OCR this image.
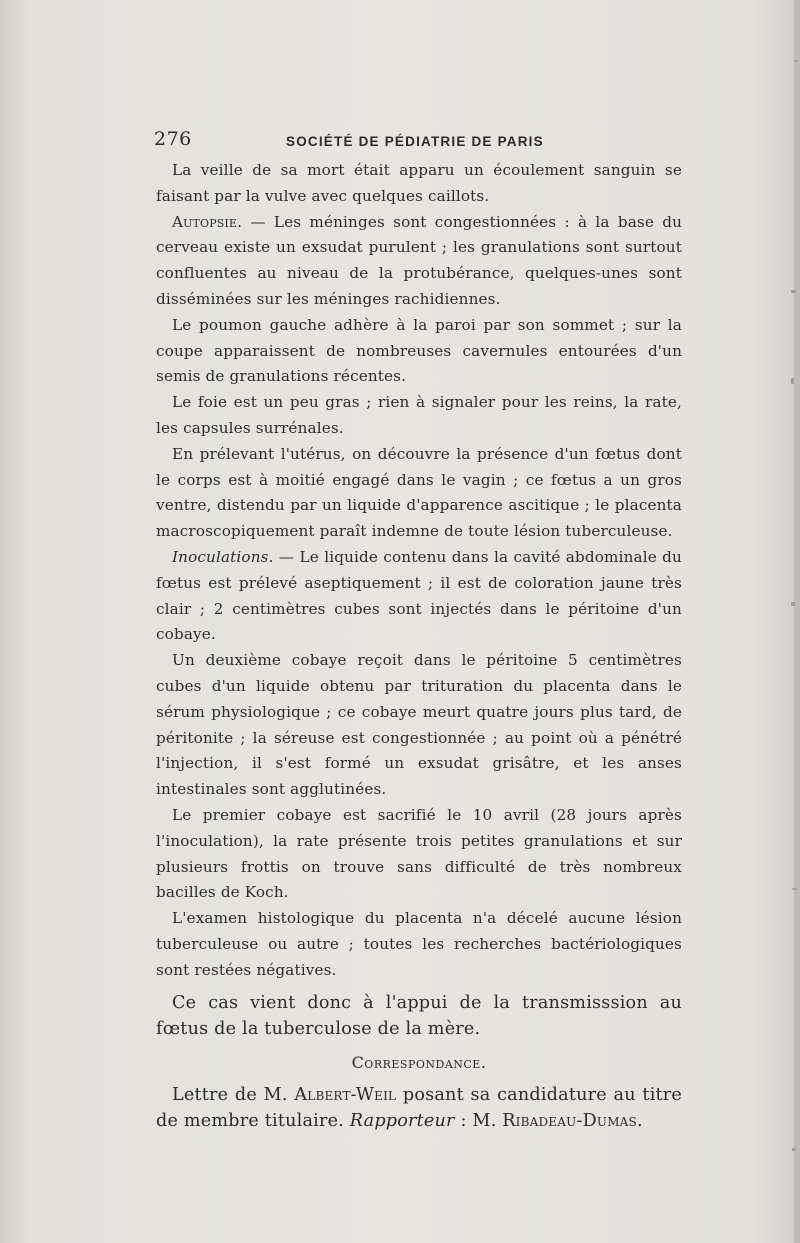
276	SOCIÉTÉ DE PÉDIATRIE DE PARIS

La veille de sa mort était apparu un écoulement sanguin se faisant par la vulve avec quelques caillots.

Autopsie. — Les méninges sont congestionnées : à la base du cerveau existe un exsudat purulent ; les granulations sont surtout confluentes au niveau de la protubérance, quelques-unes sont disséminées sur les méninges rachidiennes.

Le poumon gauche adhère à la paroi par son sommet ; sur la coupe apparaissent de nombreuses cavernules entourées d'un semis de granulations récentes.

Le foie est un peu gras ; rien à signaler pour les reins, la rate, les capsules surrénales.

En prélevant l'utérus, on découvre la présence d'un fœtus dont le corps est à moitié engagé dans le vagin ; ce fœtus a un gros ventre, distendu par un liquide d'apparence ascitique ; le placenta macroscopiquement paraît indemne de toute lésion tuberculeuse.

Inoculations. — Le liquide contenu dans la cavité abdominale du fœtus est prélevé aseptiquement ; il est de coloration jaune très clair ; 2 centimètres cubes sont injectés dans le péritoine d'un cobaye.

Un deuxième cobaye reçoit dans le péritoine 5 centimètres cubes d'un liquide obtenu par trituration du placenta dans le sérum physiologique ; ce cobaye meurt quatre jours plus tard, de péritonite ; la séreuse est congestionnée ; au point où a pénétré l'injection, il s'est formé un exsudat grisâtre, et les anses intestinales sont agglutinées.

Le premier cobaye est sacrifié le 10 avril (28 jours après l'inoculation), la rate présente trois petites granulations et sur plusieurs frottis on trouve sans difficulté de très nombreux bacilles de Koch.

L'examen histologique du placenta n'a décelé aucune lésion tuberculeuse ou autre ; toutes les recherches bactériologiques sont restées négatives.

Ce cas vient donc à l'appui de la transmisssion au fœtus de la tuberculose de la mère.

Correspondance.

Lettre de M. Albert-Weil posant sa candidature au titre de membre titulaire. Rapporteur : M. Ribadeau-Dumas.
